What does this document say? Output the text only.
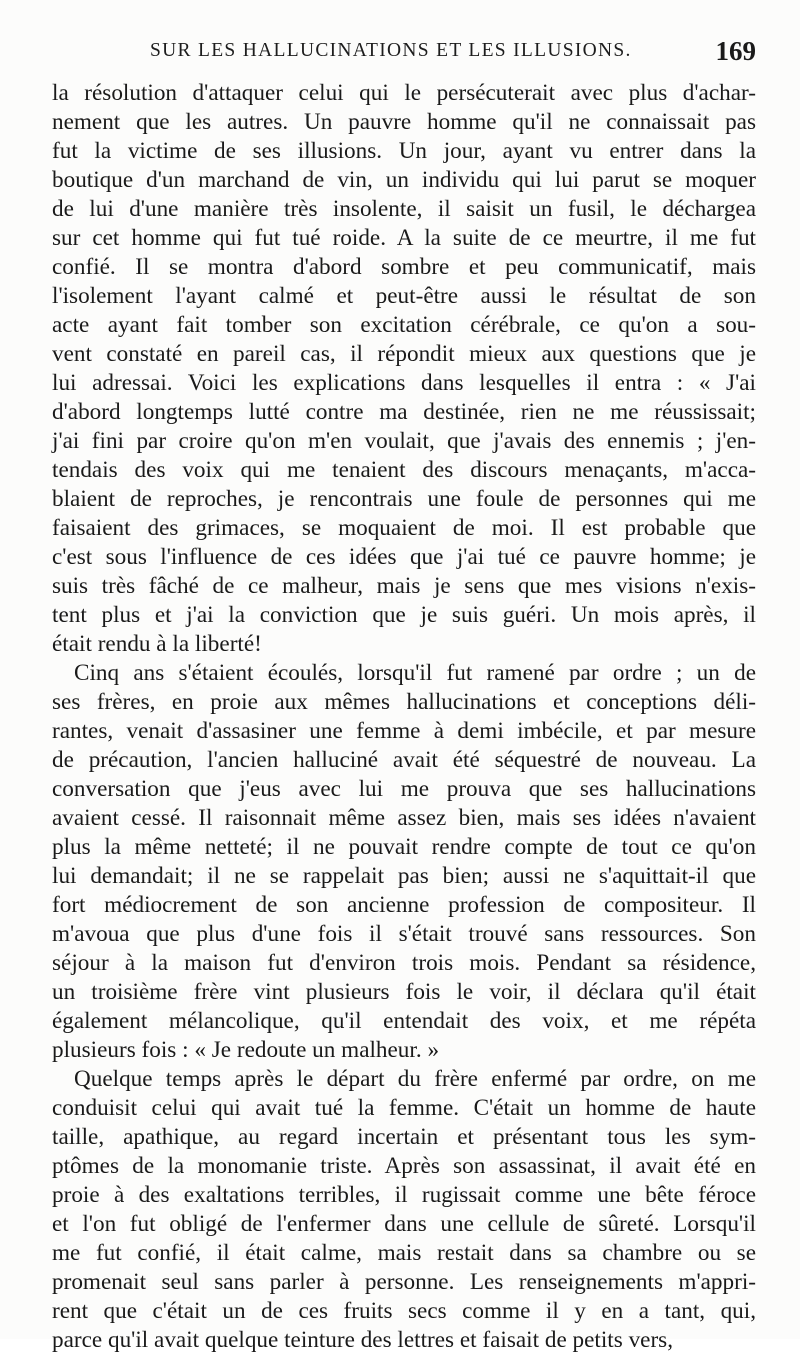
SUR LES HALLUCINATIONS ET LES ILLUSIONS.	169
la résolution d'attaquer celui qui le persécuterait avec plus d'achar-
nement que les autres. Un pauvre homme qu'il ne connaissait pas
fut la victime de ses illusions. Un jour, ayant vu entrer dans la
boutique d'un marchand de vin, un individu qui lui parut se moquer
de lui d'une manière très insolente, il saisit un fusil, le déchargea
sur cet homme qui fut tué roide. A la suite de ce meurtre, il me fut
confié. Il se montra d'abord sombre et peu communicatif, mais
l'isolement l'ayant calmé et peut-être aussi le résultat de son
acte ayant fait tomber son excitation cérébrale, ce qu'on a sou-
vent constaté en pareil cas, il répondit mieux aux questions que je
lui adressai. Voici les explications dans lesquelles il entra : « J'ai
d'abord longtemps lutté contre ma destinée, rien ne me réussissait;
j'ai fini par croire qu'on m'en voulait, que j'avais des ennemis ; j'en-
tendais des voix qui me tenaient des discours menaçants, m'acca-
blaient de reproches, je rencontrais une foule de personnes qui me
faisaient des grimaces, se moquaient de moi. Il est probable que
c'est sous l'influence de ces idées que j'ai tué ce pauvre homme; je
suis très fâché de ce malheur, mais je sens que mes visions n'exis-
tent plus et j'ai la conviction que je suis guéri. Un mois après, il
était rendu à la liberté!
Cinq ans s'étaient écoulés, lorsqu'il fut ramené par ordre ; un de
ses frères, en proie aux mêmes hallucinations et conceptions déli-
rantes, venait d'assasiner une femme à demi imbécile, et par mesure
de précaution, l'ancien halluciné avait été séquestré de nouveau. La
conversation que j'eus avec lui me prouva que ses hallucinations
avaient cessé. Il raisonnait même assez bien, mais ses idées n'avaient
plus la même netteté; il ne pouvait rendre compte de tout ce qu'on
lui demandait; il ne se rappelait pas bien; aussi ne s'aquittait-il que
fort médiocrement de son ancienne profession de compositeur. Il
m'avoua que plus d'une fois il s'était trouvé sans ressources. Son
séjour à la maison fut d'environ trois mois. Pendant sa résidence,
un troisième frère vint plusieurs fois le voir, il déclara qu'il était
également mélancolique, qu'il entendait des voix, et me répéta
plusieurs fois : « Je redoute un malheur. »
Quelque temps après le départ du frère enfermé par ordre, on me
conduisit celui qui avait tué la femme. C'était un homme de haute
taille, apathique, au regard incertain et présentant tous les sym-
ptômes de la monomanie triste. Après son assassinat, il avait été en
proie à des exaltations terribles, il rugissait comme une bête féroce
et l'on fut obligé de l'enfermer dans une cellule de sûreté. Lorsqu'il
me fut confié, il était calme, mais restait dans sa chambre ou se
promenait seul sans parler à personne. Les renseignements m'appri-
rent que c'était un de ces fruits secs comme il y en a tant, qui,
parce qu'il avait quelque teinture des lettres et faisait de petits vers,
